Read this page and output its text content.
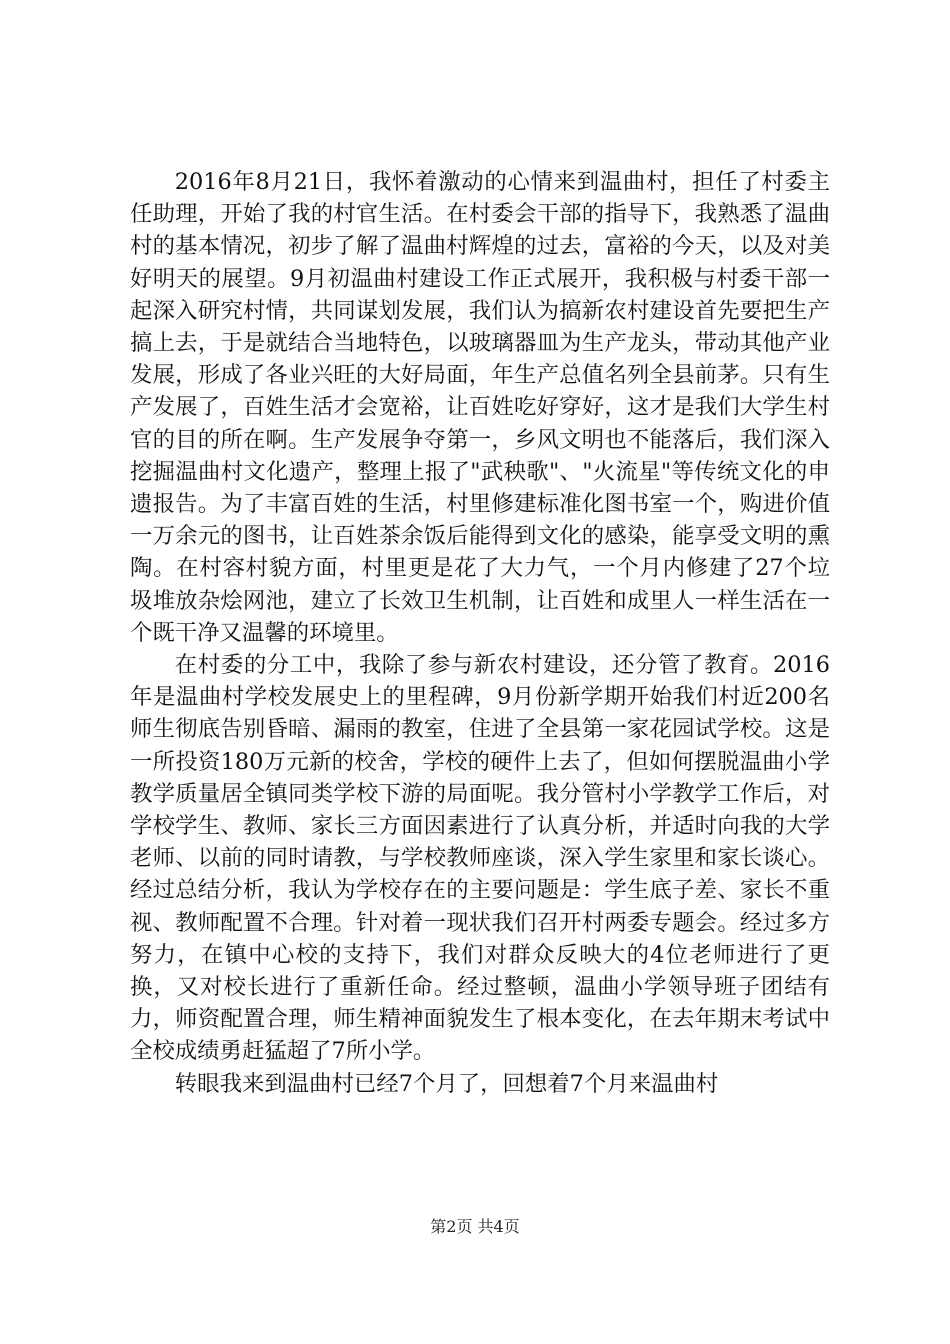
2016年8月21日，我怀着激动的心情来到温曲村，担任了村委主任助理，开始了我的村官生活。在村委会干部的指导下，我熟悉了温曲村的基本情况，初步了解了温曲村辉煌的过去，富裕的今天，以及对美好明天的展望。9月初温曲村建设工作正式展开，我积极与村委干部一起深入研究村情，共同谋划发展，我们认为搞新农村建设首先要把生产搞上去，于是就结合当地特色，以玻璃器皿为生产龙头，带动其他产业发展，形成了各业兴旺的大好局面，年生产总值名列全县前茅。只有生产发展了，百姓生活才会宽裕，让百姓吃好穿好，这才是我们大学生村官的目的所在啊。生产发展争夺第一，乡风文明也不能落后，我们深入挖掘温曲村文化遗产，整理上报了"武秧歌"、"火流星"等传统文化的申遗报告。为了丰富百姓的生活，村里修建标准化图书室一个，购进价值一万余元的图书，让百姓茶余饭后能得到文化的感染，能享受文明的熏陶。在村容村貌方面，村里更是花了大力气，一个月内修建了27个垃圾堆放杂烩网池，建立了长效卫生机制，让百姓和成里人一样生活在一个既干净又温馨的环境里。

在村委的分工中，我除了参与新农村建设，还分管了教育。2016年是温曲村学校发展史上的里程碑，9月份新学期开始我们村近200名师生彻底告别昏暗、漏雨的教室，住进了全县第一家花园试学校。这是一所投资180万元新的校舍，学校的硬件上去了，但如何摆脱温曲小学教学质量居全镇同类学校下游的局面呢。我分管村小学教学工作后，对学校学生、教师、家长三方面因素进行了认真分析，并适时向我的大学老师、以前的同时请教，与学校教师座谈，深入学生家里和家长谈心。经过总结分析，我认为学校存在的主要问题是：学生底子差、家长不重视、教师配置不合理。针对着一现状我们召开村两委专题会。经过多方努力，在镇中心校的支持下，我们对群众反映大的4位老师进行了更换，又对校长进行了重新任命。经过整顿，温曲小学领导班子团结有力，师资配置合理，师生精神面貌发生了根本变化，在去年期末考试中全校成绩勇赶猛超了7所小学。

转眼我来到温曲村已经7个月了，回想着7个月来温曲村

第2页 共4页
